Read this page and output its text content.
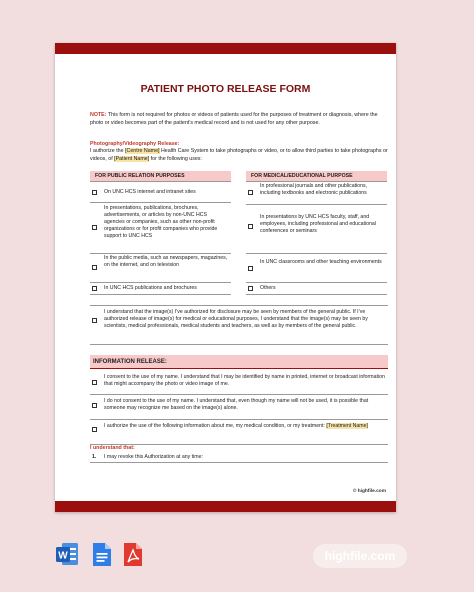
PATIENT PHOTO RELEASE FORM
NOTE: This form is not required for photos or videos of patients used for the purposes of treatment or diagnosis, where the photo or video becomes part of the patient’s medical record and is not used for any other purpose.
Photography/Videography Release:
I authorize the [Centre Name] Health Care System to take photographs or video, or to allow third parties to take photographs or videos, of [Patient Name] for the following uses:
FOR PUBLIC RELATION PURPOSES	FOR MEDICAL/EDUCATIONAL PURPOSE
On UNC HCS internet and intranet sites
In presentations, publications, brochures, advertisements, or articles by non-UNC HCS agencies or companies, such as other non-profit organizations or for profit companies who provide support to UNC HCS
In the public media, such as newspapers, magazines, on the internet, and on television
In UNC HCS publications and brochures
In professional journals and other publications, including textbooks and electronic publications
In presentations by UNC HCS faculty, staff, and employees, including professional and educational conferences or seminars
In UNC classrooms and other teaching environments
Others
I understand that the image(s) I’ve authorized for disclosure may be seen by members of the general public. If I’ve authorized release of image(s) for medical or educational purposes, I understand that the image(s) may be seen by scientists, medical professionals, medical students and teachers, as well as by members of the general public.
INFORMATION RELEASE:
I consent to the use of my name. I understand that I may be identified by name in printed, internet or broadcast information that might accompany the photo or video image of me.
I do not consent to the use of my name. I understand that, even though my name will not be used, it is possible that someone may recognize me based on the image(s) alone.
I authorize the use of the following information about me, my medical condition, or my treatment: [Treatment Name]
I understand that:
1. I may revoke this Authorization at any time:
© highfile.com
W	highfile.com
